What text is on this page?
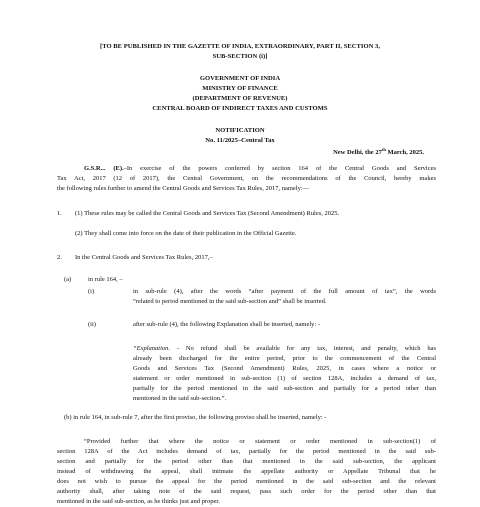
[TO BE PUBLISHED IN THE GAZETTE OF INDIA, EXTRAORDINARY, PART II, SECTION 3,
SUB-SECTION (i)]
GOVERNMENT OF INDIA
MINISTRY OF FINANCE
(DEPARTMENT OF REVENUE)
CENTRAL BOARD OF INDIRECT TAXES AND CUSTOMS
NOTIFICATION
No. 11/2025–Central Tax
New Delhi, the 27th March, 2025.
G.S.R... (E).–In exercise of the powers conferred by section 164 of the Central Goods and Services
Tax Act, 2017 (12 of 2017), the Central Government, on the recommendations of the Council, hereby makes
the following rules further to amend the Central Goods and Services Tax Rules, 2017, namely:—
1. (1) These rules may be called the Central Goods and Services Tax (Second Amendment) Rules, 2025.
(2) They shall come into force on the date of their publication in the Official Gazette.
2. In the Central Goods and Services Tax Rules, 2017,–
(a)	in rule 164, –
(i)	in sub-rule (4), after the words “after payment of the full amount of tax”, the words
“related to period mentioned in the said sub-section and” shall be inserted.
(ii)	after sub-rule (4), the following Explanation shall be inserted, namely: -
“Explanation. - No refund shall be available for any tax, interest, and penalty, which has
already been discharged for the entire period, prior to the commencement of the Central
Goods and Services Tax (Second Amendment) Rules, 2025, in cases where a notice or
statement or order mentioned in sub-section (1) of section 128A, includes a demand of tax,
partially for the period mentioned in the said sub-section and partially for a period other than
mentioned in the said sub-section.”.
(b) in rule 164, in sub-rule 7, after the first proviso, the following proviso shall be inserted, namely: -
“Provided further that where the notice or statement or order mentioned in sub-section(1) of
section 128A of the Act includes demand of tax, partially for the period mentioned in the said sub-
section and partially for the period other than that mentioned in the said sub-section, the applicant
instead of withdrawing the appeal, shall intimate the appellate authority or Appellate Tribunal that he
does not wish to pursue the appeal for the period mentioned in the said sub-section and the relevant
authority shall, after taking note of the said request, pass such order for the period other than that
mentioned in the said sub-section, as he thinks just and proper.
